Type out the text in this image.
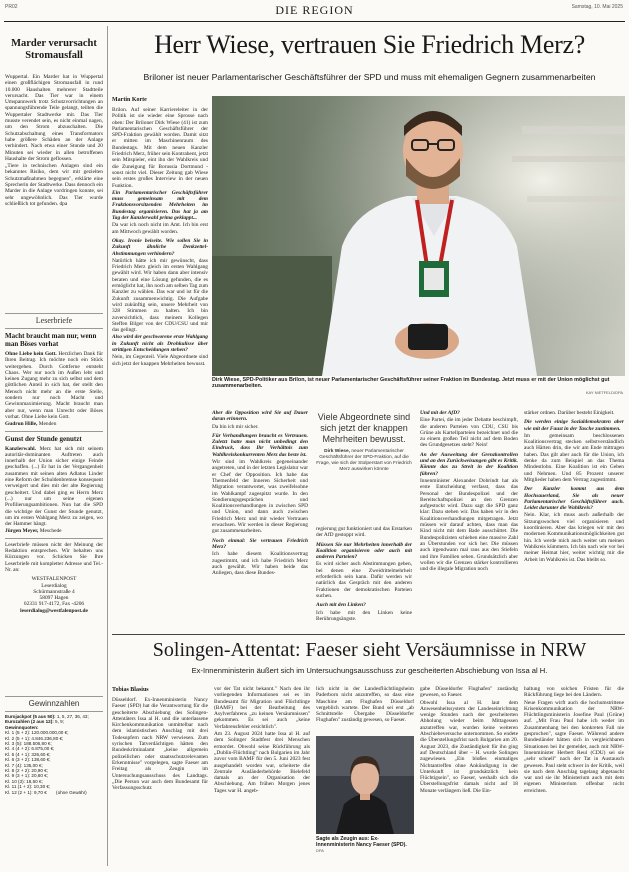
PR02	DIE REGION	Samstag, 10. Mai 2025
Marder verursacht Stromausfall

Wuppertal. Ein Marder hat in Wuppertal einen großflächigen Stromausfall in rund 10.000 Haushalten mehrerer Stadtteile verursacht. Das Tier war in einem Umspannwerk trotz Schutzvorrichtungen an spannungsführende Teile gelangt, teilten die Wuppertaler Stadtwerke mit. Das Tier musste verendet sein, es nicht einmal nagen, um den Strom abzuschalten. Die Schutzabschaltung eines Transformators habe größere Schäden an der Anlage verhindert. Nach etwa einer Stunde und 20 Minuten sei wieder in allen betroffenen Haushalte der Strom geflossen.

„Tiere in technischen Anlagen sind ein bekanntes Risiko, dem wir mit gezielten Schutzmaßnahmen begegnen", erklärte eine Sprecherin der Stadtwerke. Dass dennoch ein Marder in die Anlage vordringen konnte, sei sehr ungewöhnlich. Das Tier wurde schließlich tot gefunden. dpa

Leserbriefe
Macht braucht man nur, wenn man Böses vorhat

Ohne Liebe kein Gott. Herzlichen Dank für Ihren Beitrag. Ich möchte noch ein Stück weitergehen. Durch Gottferne entsteht Chaos. Wer nur noch im Außen lebt und keinen Zugang mehr zu sich selbst und dem göttlichen Anteil in sich hat, der stellt den Mensch nicht mehr an die erste Stelle, sondern nur noch Macht und Gewinnmaximierung. Macht braucht man aber nur, wenn man Unrecht oder Böses vorhat. Ohne Liebe kein Gott.

Gudrun Hille, Menden

Gunst der Stunde genutzt

Kanzlerwahl. Merz hat sich mit seinem autoritär-dominanten Auftreten auch innerhalb der Union sicher einige Feinde geschaffen. (...) Er hat in der Vergangenheit zusammen mit seinen alten Adlatus Linder eine Reform der Schuldenbremse konsequent verweigert und dies mit der alte Regierung gescheitert. Und dabei ging es Herrn Merz (...) nur um seine eigenen Profilierungsambitionen. Nun hat die SPD die wichtige der Gunst der Stunde genutzt, um im ersten Wahlgang Merz zu zeigen, wo der Hammer hängt.

Jürgen Meyer, Meschede

Leserbriefe müssen nicht der Meinung der Redaktion entsprechen. Wir behalten uns Kürzungen vor. Schicken Sie Ihre Leserbriefe mit kompletter Adresse und Tel.-Nr. an:

WESTFALENPOST
Leserdialog
Schürmannstraße 4
58097 Hagen
02331 917-4172, Fax -4206
leserdialog@westfalenpost.de
Gewinnzahlen
Eurojackpot (5 aus 50): 1, 5, 27, 36, 43;
Eurozahlen (2 aus 12): 5, 9;
Gewinnquoten:
Kl. 1 (5 + 2): 120.000.000,00 €;
Kl. 2 (5 + 1): 4.846.236,80 €;
Kl. 3 (5): 188.506,80 €;
Kl. 4 (4 + 2): 6.875,00 €;
Kl. 5 (4 + 1): 326,60 €;
Kl. 6 (3 + 2): 138,60 €;
Kl. 7 (4): 135,00 €;
Kl. 8 (2 + 2): 20,90 €;
Kl. 9 (3 + 1): 20,60 €;
Kl. 10 (3): 18,50 €;
Kl. 11 (1 + 2): 10,30 €;
Kl. 12 (2 + 1): 9,70 € (ohne Gewähr)
Herr Wiese, vertrauen Sie Friedrich Merz?
Briloner ist neuer Parlamentarischer Geschäftsführer der SPD und muss mit ehemaligen Gegnern zusammenarbeiten
Martin Korte

Brilon. Auf seiner Karriereleiter in der Politik ist sie wieder eine Sprosse nach oben: Der Briloner Dirk Wiese (41) ist zum Parlamentarischen Geschäftsführer der SPD-Fraktion gewählt worden. Damit sitzt er mitten im Maschinenraum des Bundestags. Mit dem neuen Kanzler Friedrich Merz, früher sein Kontrahent, jetzt sein Mitspieler, eint ihn der Wahlkreis und die Zuneigung für Borussia Dortmund - sonst nicht viel. Dieser Zeitung gab Wiese sein erstes großes Interview in der neuen Funktion.

Ein Parlamentarischer Geschäftsführer muss gemeinsam mit dem Fraktionsvorsitzenden Mehrheiten im Bundestag organisieren. Das hat ja am Tag der Kanzlerwahl prima geklappt...

Da war ich noch nicht im Amt. Ich bin erst am Mittwoch gewählt worden.

Okay. Ironie beiseite. Wie sollen Sie in Zukunft ähnliche Denkzettel-Abstimmungen verhindern?

Natürlich hätte ich mir gewünscht, dass Friedrich Merz gleich im ersten Wahlgang gewählt wird. Wir haben dann aber intensiv beraten und eine Lösung gefunden, die es ermöglicht hat, ihn noch am selben Tag zum Kanzler zu wählen. Das war und ist für die Zukunft zusammenwichtig. Die Aufgabe wird zukünftig sein, unsere Mehrheit von 328 Stimmen zu halten. Ich bin zuversichtlich, dass meinem Kollegen Steffen Bilger von der CDU/CSU und mir das gelingt.

Also wird der geschworene erste Wahlgang in Zukunft nicht als Drohkulisse über strittigen Entscheidungen stehen?

Nein, im Gegenteil. Viele Abgeordnete sind sich jetzt der knappen Mehrheiten bewusst.

Dirk Wiese, SPD-Politiker aus Brilon, ist neuer Parlamentarischer Geschäftsführer seiner Fraktion im Bundestag. Jetzt muss er mit der Union möglichst gut zusammenarbeiten.
KAY NIETFELD/DPA

Aber die Opposition wird Sie auf Dauer daran erinnern.

Da bin ich mir sicher.

Für Verhandlungen braucht es Vertrauen. Zuletzt hatte man nicht unbedingt den Eindruck, dass Ihr Verhältnis zum Wahlkreiskonkurrenten Merz das beste ist.

Wir sind im Wahlkreis gegeneinander angetreten, und in der letzten Legislatur war er Chef der Opposition. Ich habe das Themenfeld der Inneren Sicherheit und Migration verantwortet, was zweifelsohne im Wahlkampf zugespitzt wurde. In den Sondierungsgesprächen und Koalitionsverhandlungen in zwischen SPD und Union, und dann auch zwischen Friedrich Merz und mir wieder Vertrauen erwachsen. Wir werden in dieser Regierung gut zusammenarbeiten.

Noch einmal: Sie vertrauen Friedrich Merz?

Ich habe diesem Koalitionsvertrag zugestimmt, und ich habe Friedrich Merz auch gewählt. Wir haben beide das Anliegen, dass diese Bundes-

Viele Abgeordnete sind sich jetzt der knappen Mehrheiten bewusst.
Dirk Wiese, neuer Parlamentarischer Geschäftsführer der SPD-Fraktion, auf die Frage, wie sich der Stolperstart von Friedrich Merz auswirken könnte

regierung gut funktioniert und das Erstarken der AfD gestoppt wird.

Müssen Sie nur Mehrheiten innerhalb der Koalition organisieren oder auch mit anderen Parteien?

Es wird sicher auch Abstimmungen geben, bei denen eine Zweidrittelmehrheit erforderlich sein kann. Dafür werden wir natürlich das Gespräch mit den anderen Fraktionen der demokratischen Parteien suchen.

Auch mit den Linken?

Ich habe mit den Linken keine Berührungsängste.

Und mit der AfD?

Eine Partei, die im jeder Debatte beschimpft, die anderen Parteien von CDU, CSU bis Grüne als Kartellparteien bezeichnet und die zu einem großen Teil nicht auf dem Boden des Grundgesetzes steht? Nein!

An der Ausweitung der Grenzkontrollen und an den Zurückweisungen gibt es Kritik. Könnte das zu Streit in der Koalition führen?

Innenminister Alexander Dobrindt hat als erste Entscheidung verfasst, dass das Personal der Bundespolizei und der Bereitschaftspolizei an den Grenzen aufgestockt wird. Dazu sagt die SPD ganz klar: Dazu stehen wir. Das haben wir in den Koalitionsverhandlungen mitgetragen. Jetzt müssen wir darauf achten, dass man das Kind nicht mit dem Bade ausschüttet. Die Bundespolizisten schieben eine massive Zahl an Überstunden vor sich her. Die müssen auch irgendwann mal raus aus den Stiefeln und ihre Familien sehen. Grundsätzlich aber wollen wir die Grenzen stärker kontrollieren und die illegale Migration noch

stärker ordnen. Darüber besteht Einigkeit.

Die werden einige Sozialdemokraten aber wie mit der Faust in der Tasche zustimmen.

Im gemeinsam beschlossenen Koalitionsvertrag stecken selbstverständlich auch Härten drin, die wir am Ende mittragen haben. Das gilt aber auch für die Union, ich denke da zum Beispiel an das Thema Mindestlohn. Eine Koalition ist ein Geben und Nehmen. Und 85 Prozent unserer Mitglieder haben dem Vertrag zugestimmt.

Der Kanzler kommt aus dem Hochsauerland, Sie als neuer Parlamentarischer Geschäftsführer auch. Leidet darunter die Wahlkreis?

Nein. Klar, ich muss auch außerhalb der Sitzungswochen viel organisieren und koordinieren. Aber das kriegen wir mit den modernen Kommunikationsmöglichkeiten gut hin. Ich werde mich auch weiter um meinen Wahlkreis kümmern. Ich bin nach wie vor bei meiner Heimat hier, weiter wichtig mir die Arbeit im Wahlkreis ist. Das bleibt so.

Solingen-Attentat: Faeser sieht Versäumnisse in NRW
Ex-Innenministerin äußert sich im Untersuchungsausschuss zur gescheiterten Abschiebung von Issa al H.
Tobias Blasius

Düsseldorf. Ex-Innenministerin Nancy Faeser (SPD) hat die Verantwortung für die gescheiterte Abschiebung des Solingen-Attentäters Issa al H. und die unterlassene Kirchenkommunikation unmittelbar nach dem islamistischen Anschlag mit drei Todesopfern nach NRW verwiesen. Zum syrischen Tatverdächtigen hätten den Bundeskriminalamt „keine allgemein polizeilichen oder staatsschutzrelevanten Erkenntnisse" vorgelegen, sagte Faeser am Freitag als Zeugin im Untersuchungsausschuss des Landtags. „Die Person war auch dem Bundesamt für Verfassungsschutz

vor der Tat nicht bekannt." Nach den ihr vorliegenden Informationen sei es im Bundesamt für Migration und Flüchtlinge (BAMF) bei der Bearbeitung des Asylverfahrens „zu keinen Versäumnissen" gekommen. Es sei auch „keine Verfahrensfehler ersichtlich".

Am 23. August 2024 hatte Issa al H. auf dem Solinger Stadtfest drei Menschen ermordet. Obwohl seine Rückführung als „Dublin-Flüchtling" nach Bulgarien im Jahr zuvor vom BAMF für den 5. Juni 2023 fest ausgehandelt worden war, scheiterte die Zentrale Ausländerbehörde Bielefeld damals an der Organisation der Abschiebung. Am frühen Morgen jenes Tages war H. angeb-

lich nicht in der Landesflüchtlingsheim Paderborn nicht anzutreffen, so dass eine Maschine am Flughafen Düsseldorf vergeblich wartete. Der Bund sei erst „ab Schnittstelle Übergabe Düsseldorfer Flughafen" zuständig gewesen, so Faeser.

Sagte als Zeugin aus: Ex-Innenministerin Nancy Faeser (SPD). DPA

gabe Düsseldorfer Flughafen" zuständig gewesen, so Faeser.

Obwohl Issa al H. laut dem Anwesenheitssystem der Landeseinrichtung wenige Stunden nach der gescheiterten Abholung wieder beim Mittagessen anzutreffen war, wurden keine weiteren Abschiebeversuche unternommen. So endete die Überstellungsfrist nach Bulgarien am 20. August 2023, die Zuständigkeit für ihn ging auf Deutschland über – H. wurde Solingen zugewiesen. „Ein bloßes einmaliges Nichtantreffen ohne Ankündigung in der Unterkunft ist grundsätzlich kein Flüchtigsein", so Faeser, weshalb sich die Überstellungsfrist damals nicht auf 18 Monate verlängern ließ. Die Ein-

haltung von solchen Fristen für die Rückführung liege bei den Ländern.

Neue Fragen wirft auch die hochumstrittene Krisenkommunikation der NRW-Flüchtlingsministerin Josefine Paul (Grüne) auf. „Mit Frau Paul habe ich weder im Zusammenhang bei den konkreten Fall nie gesprochen", sagte Faeser. Während andere Bundesländer hätten sich in vergleichbaren Situationen bei ihr gemeldet, auch mit NRW-Innenminister Herbert Reul (CDU) sei sie „sehr schnell" nach der Tat in Austausch gewesen. Paul steht schwer in der Kritik, weil sie nach dem Anschlag tagelang abgetaucht war und sie ihr Ministerium auch mit dem eigenen Ministerium offenbar nicht erreichten.
